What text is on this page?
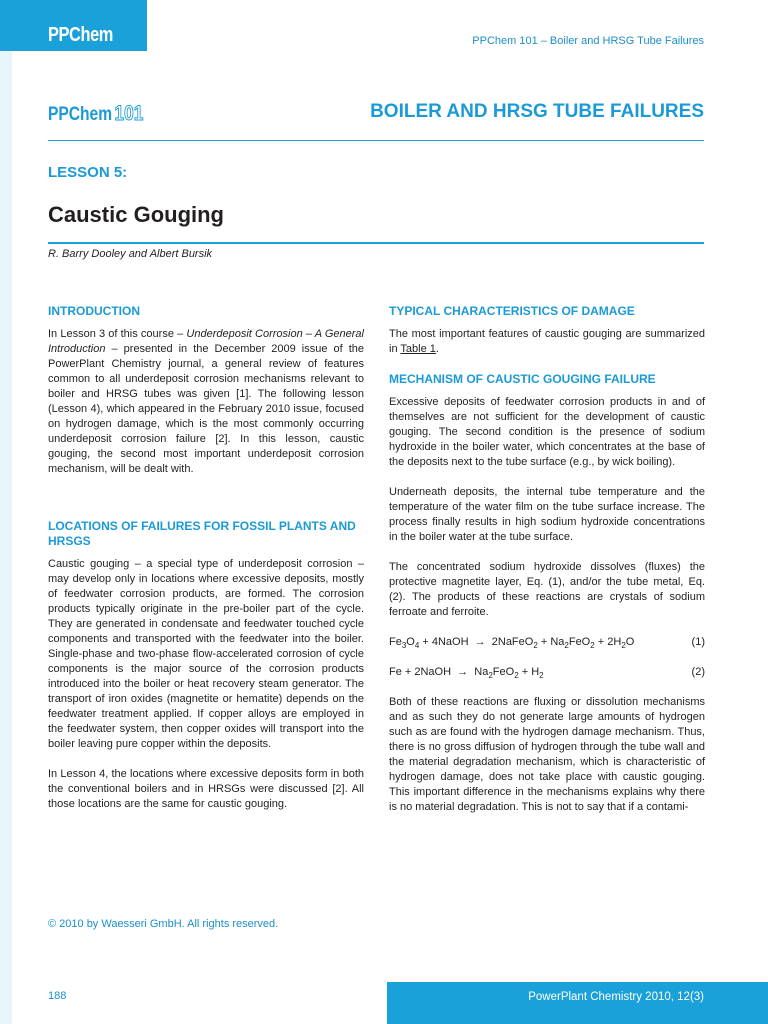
PPChem	PPChem 101 – Boiler and HRSG Tube Failures
PPChem 101	BOILER AND HRSG TUBE FAILURES
LESSON 5:
Caustic Gouging
R. Barry Dooley and Albert Bursik
INTRODUCTION

In Lesson 3 of this course – Underdeposit Corrosion – A General Introduction – presented in the December 2009 issue of the PowerPlant Chemistry journal, a general review of features common to all underdeposit corrosion mechanisms relevant to boiler and HRSG tubes was given [1]. The following lesson (Lesson 4), which appeared in the February 2010 issue, focused on hydrogen damage, which is the most commonly occurring underdeposit corrosion failure [2]. In this lesson, caustic gouging, the second most important underdeposit corrosion mechanism, will be dealt with.

LOCATIONS OF FAILURES FOR FOSSIL PLANTS AND HRSGS

Caustic gouging – a special type of underdeposit corrosion – may develop only in locations where excessive deposits, mostly of feedwater corrosion products, are formed. The corrosion products typically originate in the pre-boiler part of the cycle. They are generated in condensate and feedwater touched cycle components and transported with the feedwater into the boiler. Single-phase and two-phase flow-accelerated corrosion of cycle components is the major source of the corrosion products introduced into the boiler or heat recovery steam generator. The transport of iron oxides (magnetite or hematite) depends on the feedwater treatment applied. If copper alloys are employed in the feedwater system, then copper oxides will transport into the boiler leaving pure copper within the deposits.

In Lesson 4, the locations where excessive deposits form in both the conventional boilers and in HRSGs were discussed [2]. All those locations are the same for caustic gouging.

TYPICAL CHARACTERISTICS OF DAMAGE

The most important features of caustic gouging are summarized in Table 1.

MECHANISM OF CAUSTIC GOUGING FAILURE

Excessive deposits of feedwater corrosion products in and of themselves are not sufficient for the development of caustic gouging. The second condition is the presence of sodium hydroxide in the boiler water, which concentrates at the base of the deposits next to the tube surface (e.g., by wick boiling).

Underneath deposits, the internal tube temperature and the temperature of the water film on the tube surface increase. The process finally results in high sodium hydroxide concentrations in the boiler water at the tube surface.

The concentrated sodium hydroxide dissolves (fluxes) the protective magnetite layer, Eq. (1), and/or the tube metal, Eq. (2). The products of these reactions are crystals of sodium ferroate and ferroite.

$Fe_3O_4$ + 4NaOH  →  2NaFeO$_2$ + $Na_2FeO_2 + 2H_2O$	(1)
Fe + 2NaOH  →  $Na_2FeO_2 + H_2$	(2)

Both of these reactions are fluxing or dissolution mechanisms and as such they do not generate large amounts of hydrogen such as are found with the hydrogen damage mechanism. Thus, there is no gross diffusion of hydrogen through the tube wall and the material degradation mechanism, which is characteristic of hydrogen damage, does not take place with caustic gouging. This important difference in the mechanisms explains why there is no material degradation. This is not to say that if a contami-

© 2010 by Waesseri GmbH. All rights reserved.
188	PowerPlant Chemistry 2010, 12(3)
